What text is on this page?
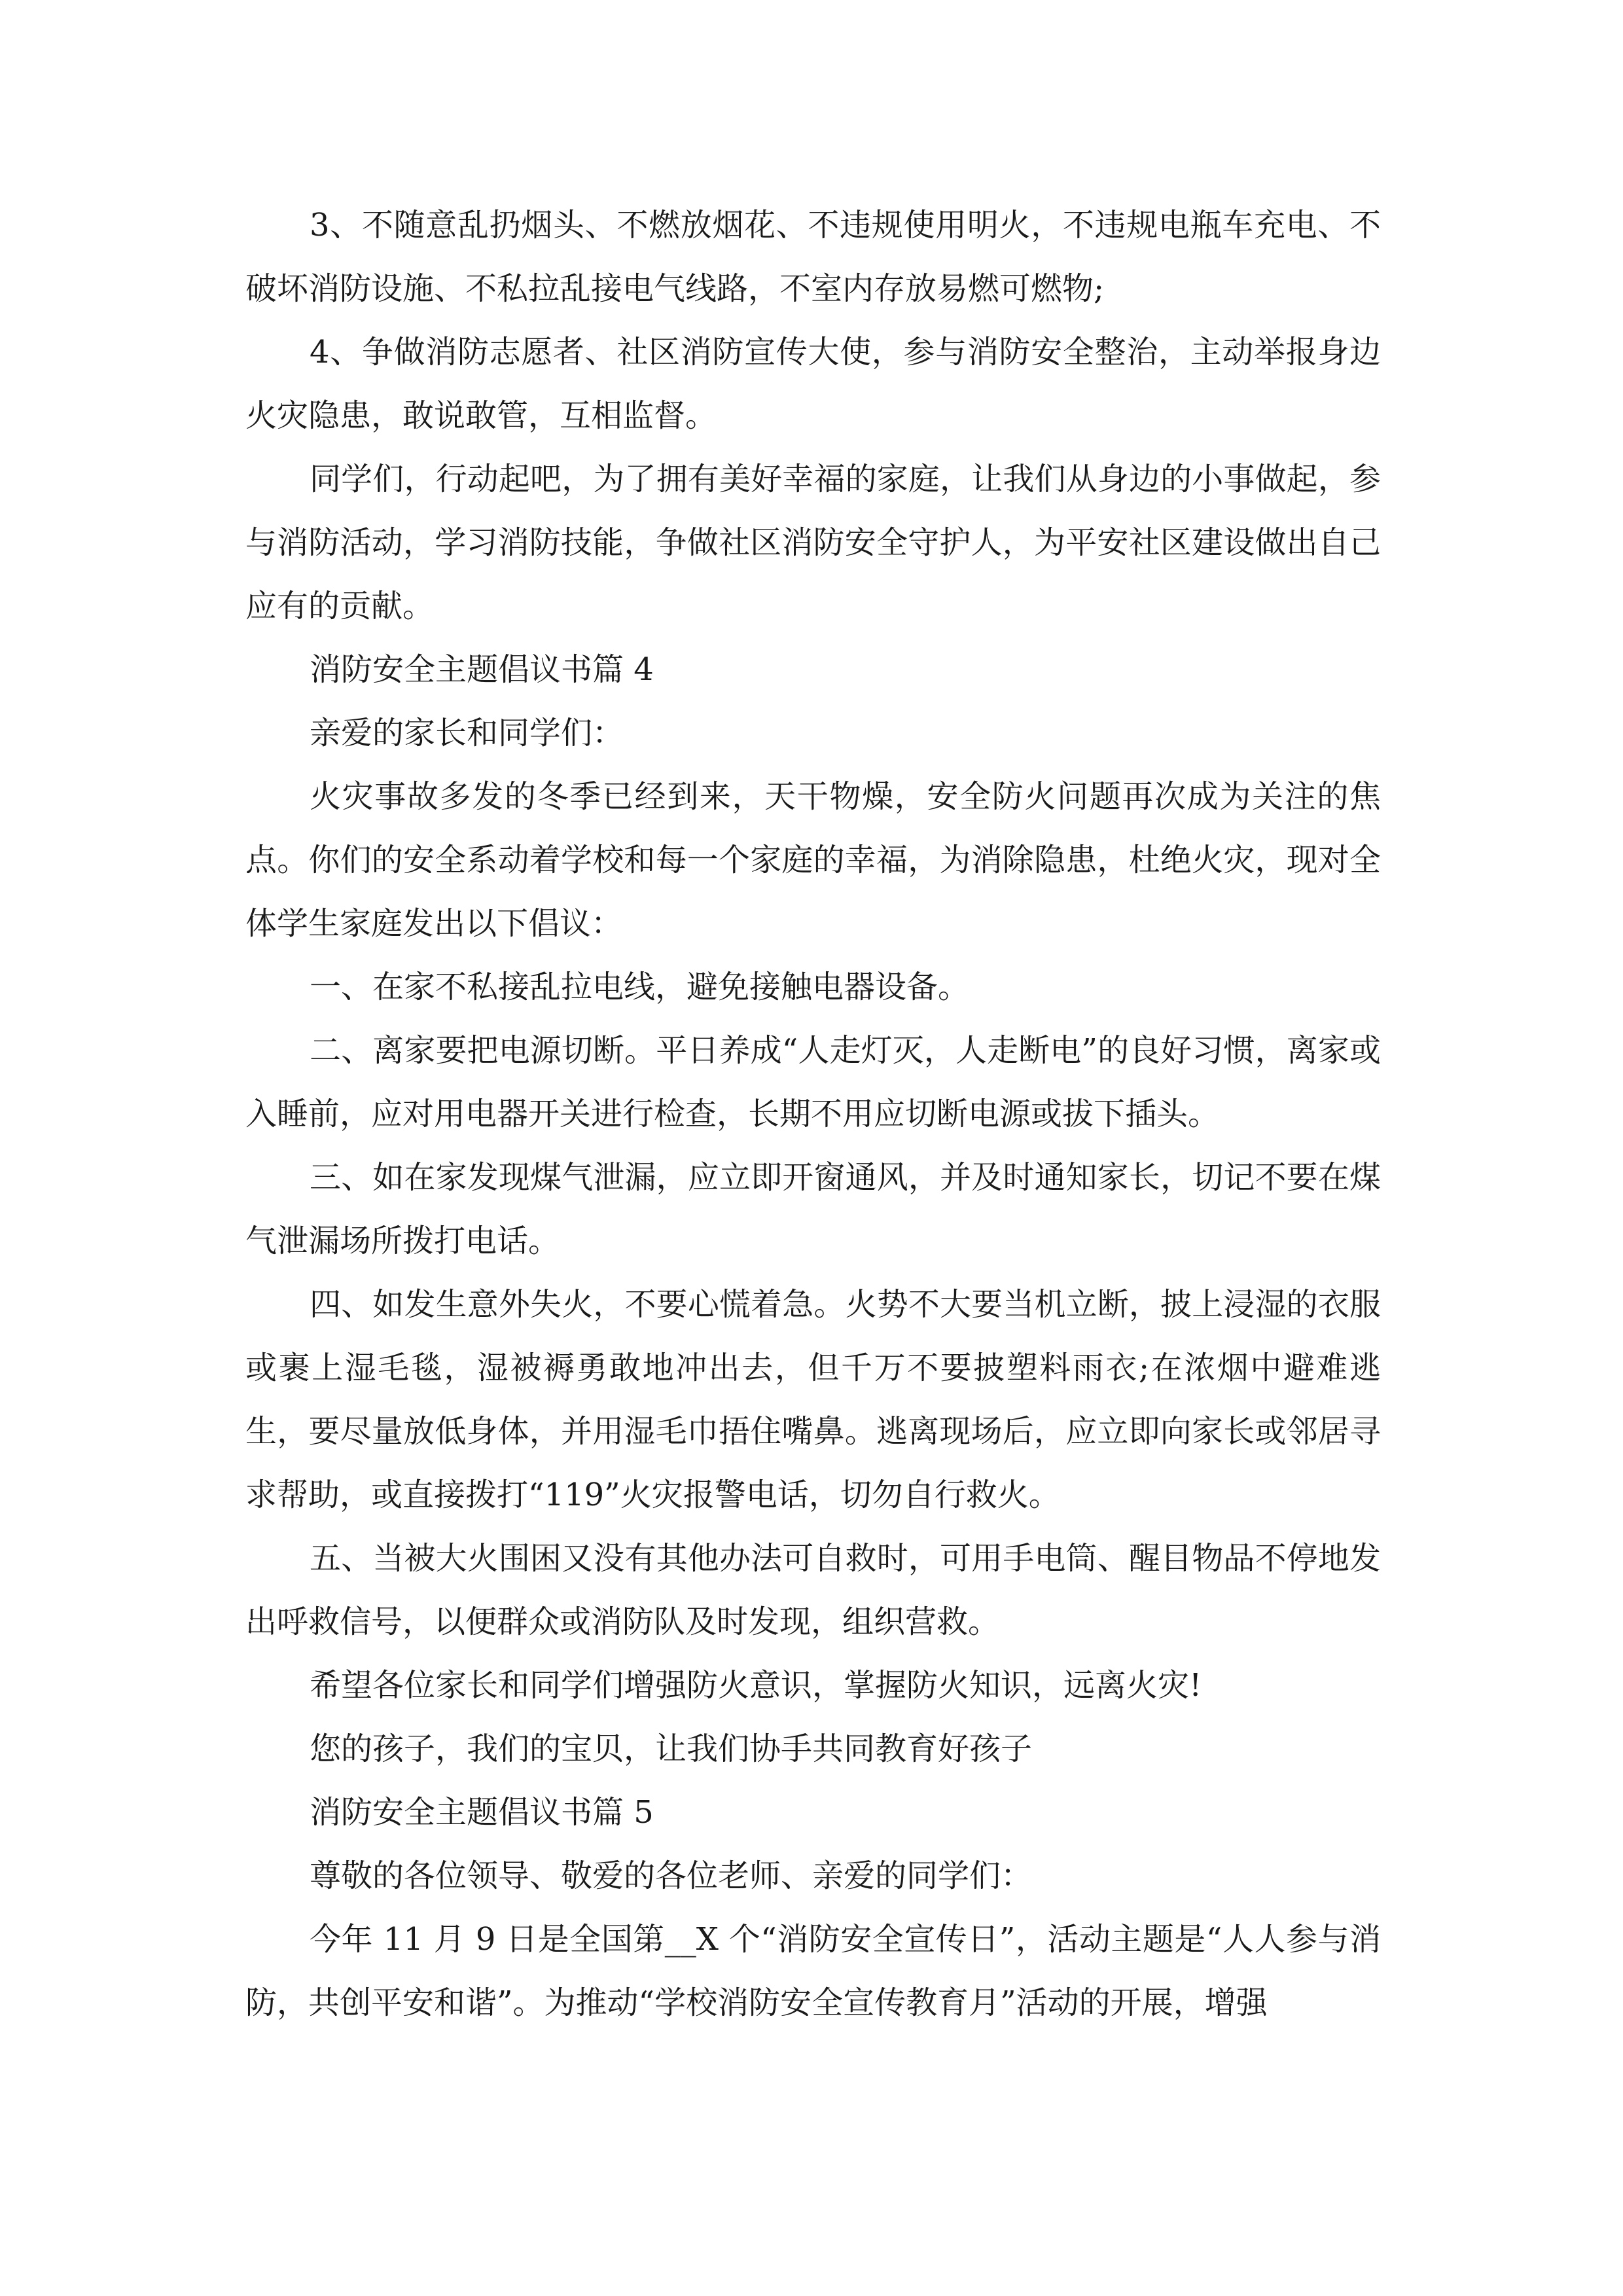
3、不随意乱扔烟头、不燃放烟花、不违规使用明火，不违规电瓶车充电、不破坏消防设施、不私拉乱接电气线路，不室内存放易燃可燃物;

4、争做消防志愿者、社区消防宣传大使，参与消防安全整治，主动举报身边火灾隐患，敢说敢管，互相监督。

同学们，行动起吧，为了拥有美好幸福的家庭，让我们从身边的小事做起，参与消防活动，学习消防技能，争做社区消防安全守护人，为平安社区建设做出自己应有的贡献。

消防安全主题倡议书篇 4

亲爱的家长和同学们：

火灾事故多发的冬季已经到来，天干物燥，安全防火问题再次成为关注的焦点。你们的安全系动着学校和每一个家庭的幸福，为消除隐患，杜绝火灾，现对全体学生家庭发出以下倡议：

一、在家不私接乱拉电线，避免接触电器设备。

二、离家要把电源切断。平日养成“人走灯灭，人走断电”的良好习惯，离家或入睡前，应对用电器开关进行检查，长期不用应切断电源或拔下插头。

三、如在家发现煤气泄漏，应立即开窗通风，并及时通知家长，切记不要在煤气泄漏场所拨打电话。

四、如发生意外失火，不要心慌着急。火势不大要当机立断，披上浸湿的衣服或裹上湿毛毯，湿被褥勇敢地冲出去，但千万不要披塑料雨衣;在浓烟中避难逃生，要尽量放低身体，并用湿毛巾捂住嘴鼻。逃离现场后，应立即向家长或邻居寻求帮助，或直接拨打“119”火灾报警电话，切勿自行救火。

五、当被大火围困又没有其他办法可自救时，可用手电筒、醒目物品不停地发出呼救信号，以便群众或消防队及时发现，组织营救。

希望各位家长和同学们增强防火意识，掌握防火知识，远离火灾!

您的孩子，我们的宝贝，让我们协手共同教育好孩子

消防安全主题倡议书篇 5

尊敬的各位领导、敬爱的各位老师、亲爱的同学们：

今年 11 月 9 日是全国第__X 个“消防安全宣传日”，活动主题是“人人参与消防，共创平安和谐”。为推动“学校消防安全宣传教育月”活动的开展，增强
